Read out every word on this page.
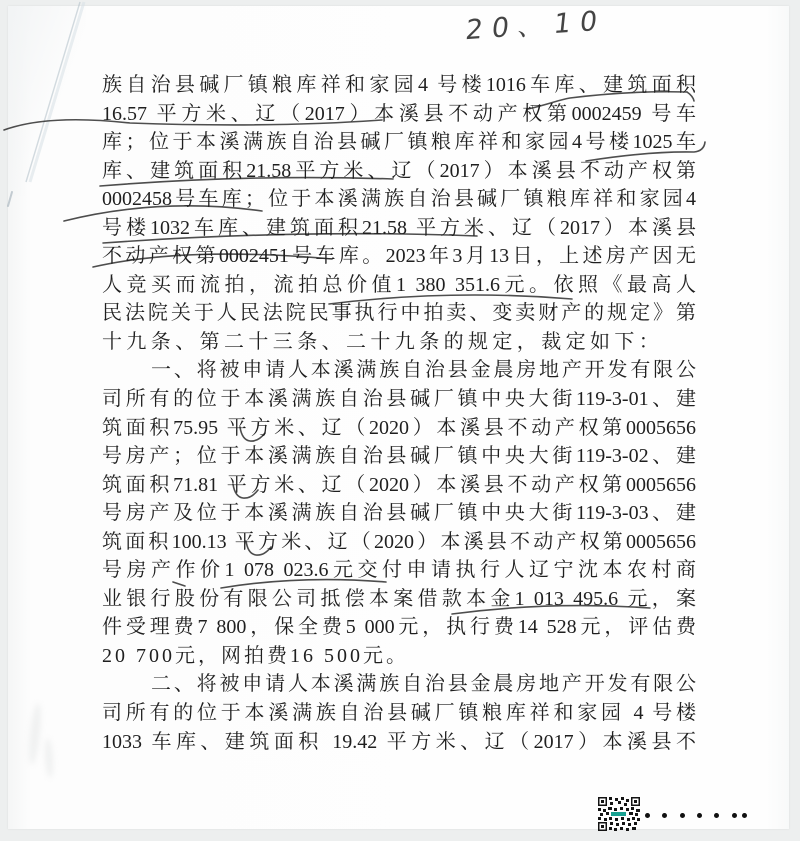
20、10
族自治县碱厂镇粮库祥和家园4 号楼1016车库、建筑面积
16.57 平方米、辽（2017）本溪县不动产权第0002459 号车
库；位于本溪满族自治县碱厂镇粮库祥和家园4号楼1025车
库、建筑面积21.58平方米、辽（2017）本溪县不动产权第
0002458号车库；位于本溪满族自治县碱厂镇粮库祥和家园4
号楼1032车库、建筑面积21.58 平方米、辽（2017）本溪县
不动产权第0002451号车库。2023年3月13日，上述房产因无
人竞买而流拍，流拍总价值1 380 351.6元。依照《最高人
民法院关于人民法院民事执行中拍卖、变卖财产的规定》第
十九条、第二十三条、二十九条的规定，裁定如下：
一、将被申请人本溪满族自治县金晨房地产开发有限公
司所有的位于本溪满族自治县碱厂镇中央大街119-3-01、建
筑面积75.95 平方米、辽（2020）本溪县不动产权第0005656
号房产；位于本溪满族自治县碱厂镇中央大街119-3-02、建
筑面积71.81 平方米、辽（2020）本溪县不动产权第0005656
号房产及位于本溪满族自治县碱厂镇中央大街119-3-03、建
筑面积100.13 平方米、辽（2020）本溪县不动产权第0005656
号房产作价1 078 023.6元交付申请执行人辽宁沈本农村商
业银行股份有限公司抵偿本案借款本金1 013 495.6 元，案
件受理费7 800，保全费5 000元，执行费14 528元，评估费
20 700元，网拍费16 500元。
二、将被申请人本溪满族自治县金晨房地产开发有限公
司所有的位于本溪满族自治县碱厂镇粮库祥和家园 4 号楼
1033 车库、建筑面积 19.42 平方米、辽（2017）本溪县不
